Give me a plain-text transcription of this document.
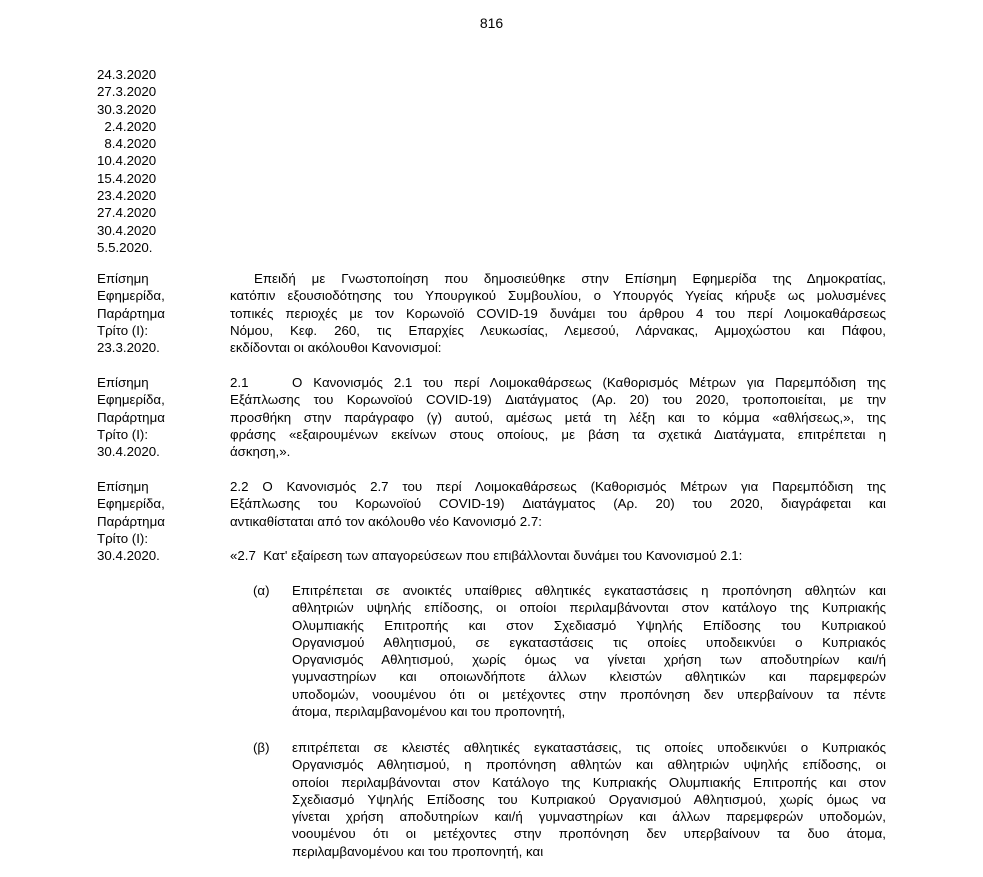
816
24.3.2020
27.3.2020
30.3.2020
2.4.2020
8.4.2020
10.4.2020
15.4.2020
23.4.2020
27.4.2020
30.4.2020
5.5.2020.
Επίσημη
Εφημερίδα,
Παράρτημα
Τρίτο (Ι):
23.3.2020.
Επειδή με Γνωστοποίηση που δημοσιεύθηκε στην Επίσημη Εφημερίδα της Δημοκρατίας,
κατόπιν εξουσιοδότησης του Υπουργικού Συμβουλίου, ο Υπουργός Υγείας κήρυξε ως μολυσμένες
τοπικές περιοχές με τον Κορωνοϊό COVID-19 δυνάμει του άρθρου 4 του περί Λοιμοκαθάρσεως
Νόμου, Κεφ. 260, τις Επαρχίες Λευκωσίας, Λεμεσού, Λάρνακας, Αμμοχώστου και Πάφου,
εκδίδονται οι ακόλουθοι Κανονισμοί:
Επίσημη
Εφημερίδα,
Παράρτημα
Τρίτο (Ι):
30.4.2020.
2.1    Ο Κανονισμός 2.1 του περί Λοιμοκαθάρσεως (Καθορισμός Μέτρων για Παρεμπόδιση της
Εξάπλωσης του Κορωνοϊού COVID-19) Διατάγματος (Αρ. 20) του 2020, τροποποιείται, με την
προσθήκη στην παράγραφο (γ) αυτού, αμέσως μετά τη λέξη και το κόμμα «αθλήσεως,», της
φράσης «εξαιρουμένων εκείνων στους οποίους, με βάση τα σχετικά Διατάγματα, επιτρέπεται η
άσκηση,».
Επίσημη
Εφημερίδα,
Παράρτημα
Τρίτο (Ι):
30.4.2020.
2.2 Ο Κανονισμός 2.7 του περί Λοιμοκαθάρσεως (Καθορισμός Μέτρων για Παρεμπόδιση της
Εξάπλωσης του Κορωνοϊού COVID-19) Διατάγματος (Αρ. 20) του 2020, διαγράφεται και
αντικαθίσταται από τον ακόλουθο νέο Κανονισμό 2.7:
«2.7  Κατ' εξαίρεση των απαγορεύσεων που επιβάλλονται δυνάμει του Κανονισμού 2.1:
(α) Επιτρέπεται σε ανοικτές υπαίθριες αθλητικές εγκαταστάσεις η προπόνηση αθλητών και
αθλητριών υψηλής επίδοσης, οι οποίοι περιλαμβάνονται στον κατάλογο της Κυπριακής
Ολυμπιακής Επιτροπής και στον Σχεδιασμό Υψηλής Επίδοσης του Κυπριακού
Οργανισμού Αθλητισμού, σε εγκαταστάσεις τις οποίες υποδεικνύει ο Κυπριακός
Οργανισμός Αθλητισμού, χωρίς όμως να γίνεται χρήση των αποδυτηρίων και/ή
γυμναστηρίων και οποιωνδήποτε άλλων κλειστών αθλητικών και παρεμφερών
υποδομών, νοουμένου ότι οι μετέχοντες στην προπόνηση δεν υπερβαίνουν τα πέντε
άτομα, περιλαμβανομένου και του προπονητή,
(β) επιτρέπεται σε κλειστές αθλητικές εγκαταστάσεις, τις οποίες υποδεικνύει ο Κυπριακός
Οργανισμός Αθλητισμού, η προπόνηση αθλητών και αθλητριών υψηλής επίδοσης, οι
οποίοι περιλαμβάνονται στον Κατάλογο της Κυπριακής Ολυμπιακής Επιτροπής και στον
Σχεδιασμό Υψηλής Επίδοσης του Κυπριακού Οργανισμού Αθλητισμού, χωρίς όμως να
γίνεται χρήση αποδυτηρίων και/ή γυμναστηρίων και άλλων παρεμφερών υποδομών,
νοουμένου ότι οι μετέχοντες στην προπόνηση δεν υπερβαίνουν τα δυο άτομα,
περιλαμβανομένου και του προπονητή, και
